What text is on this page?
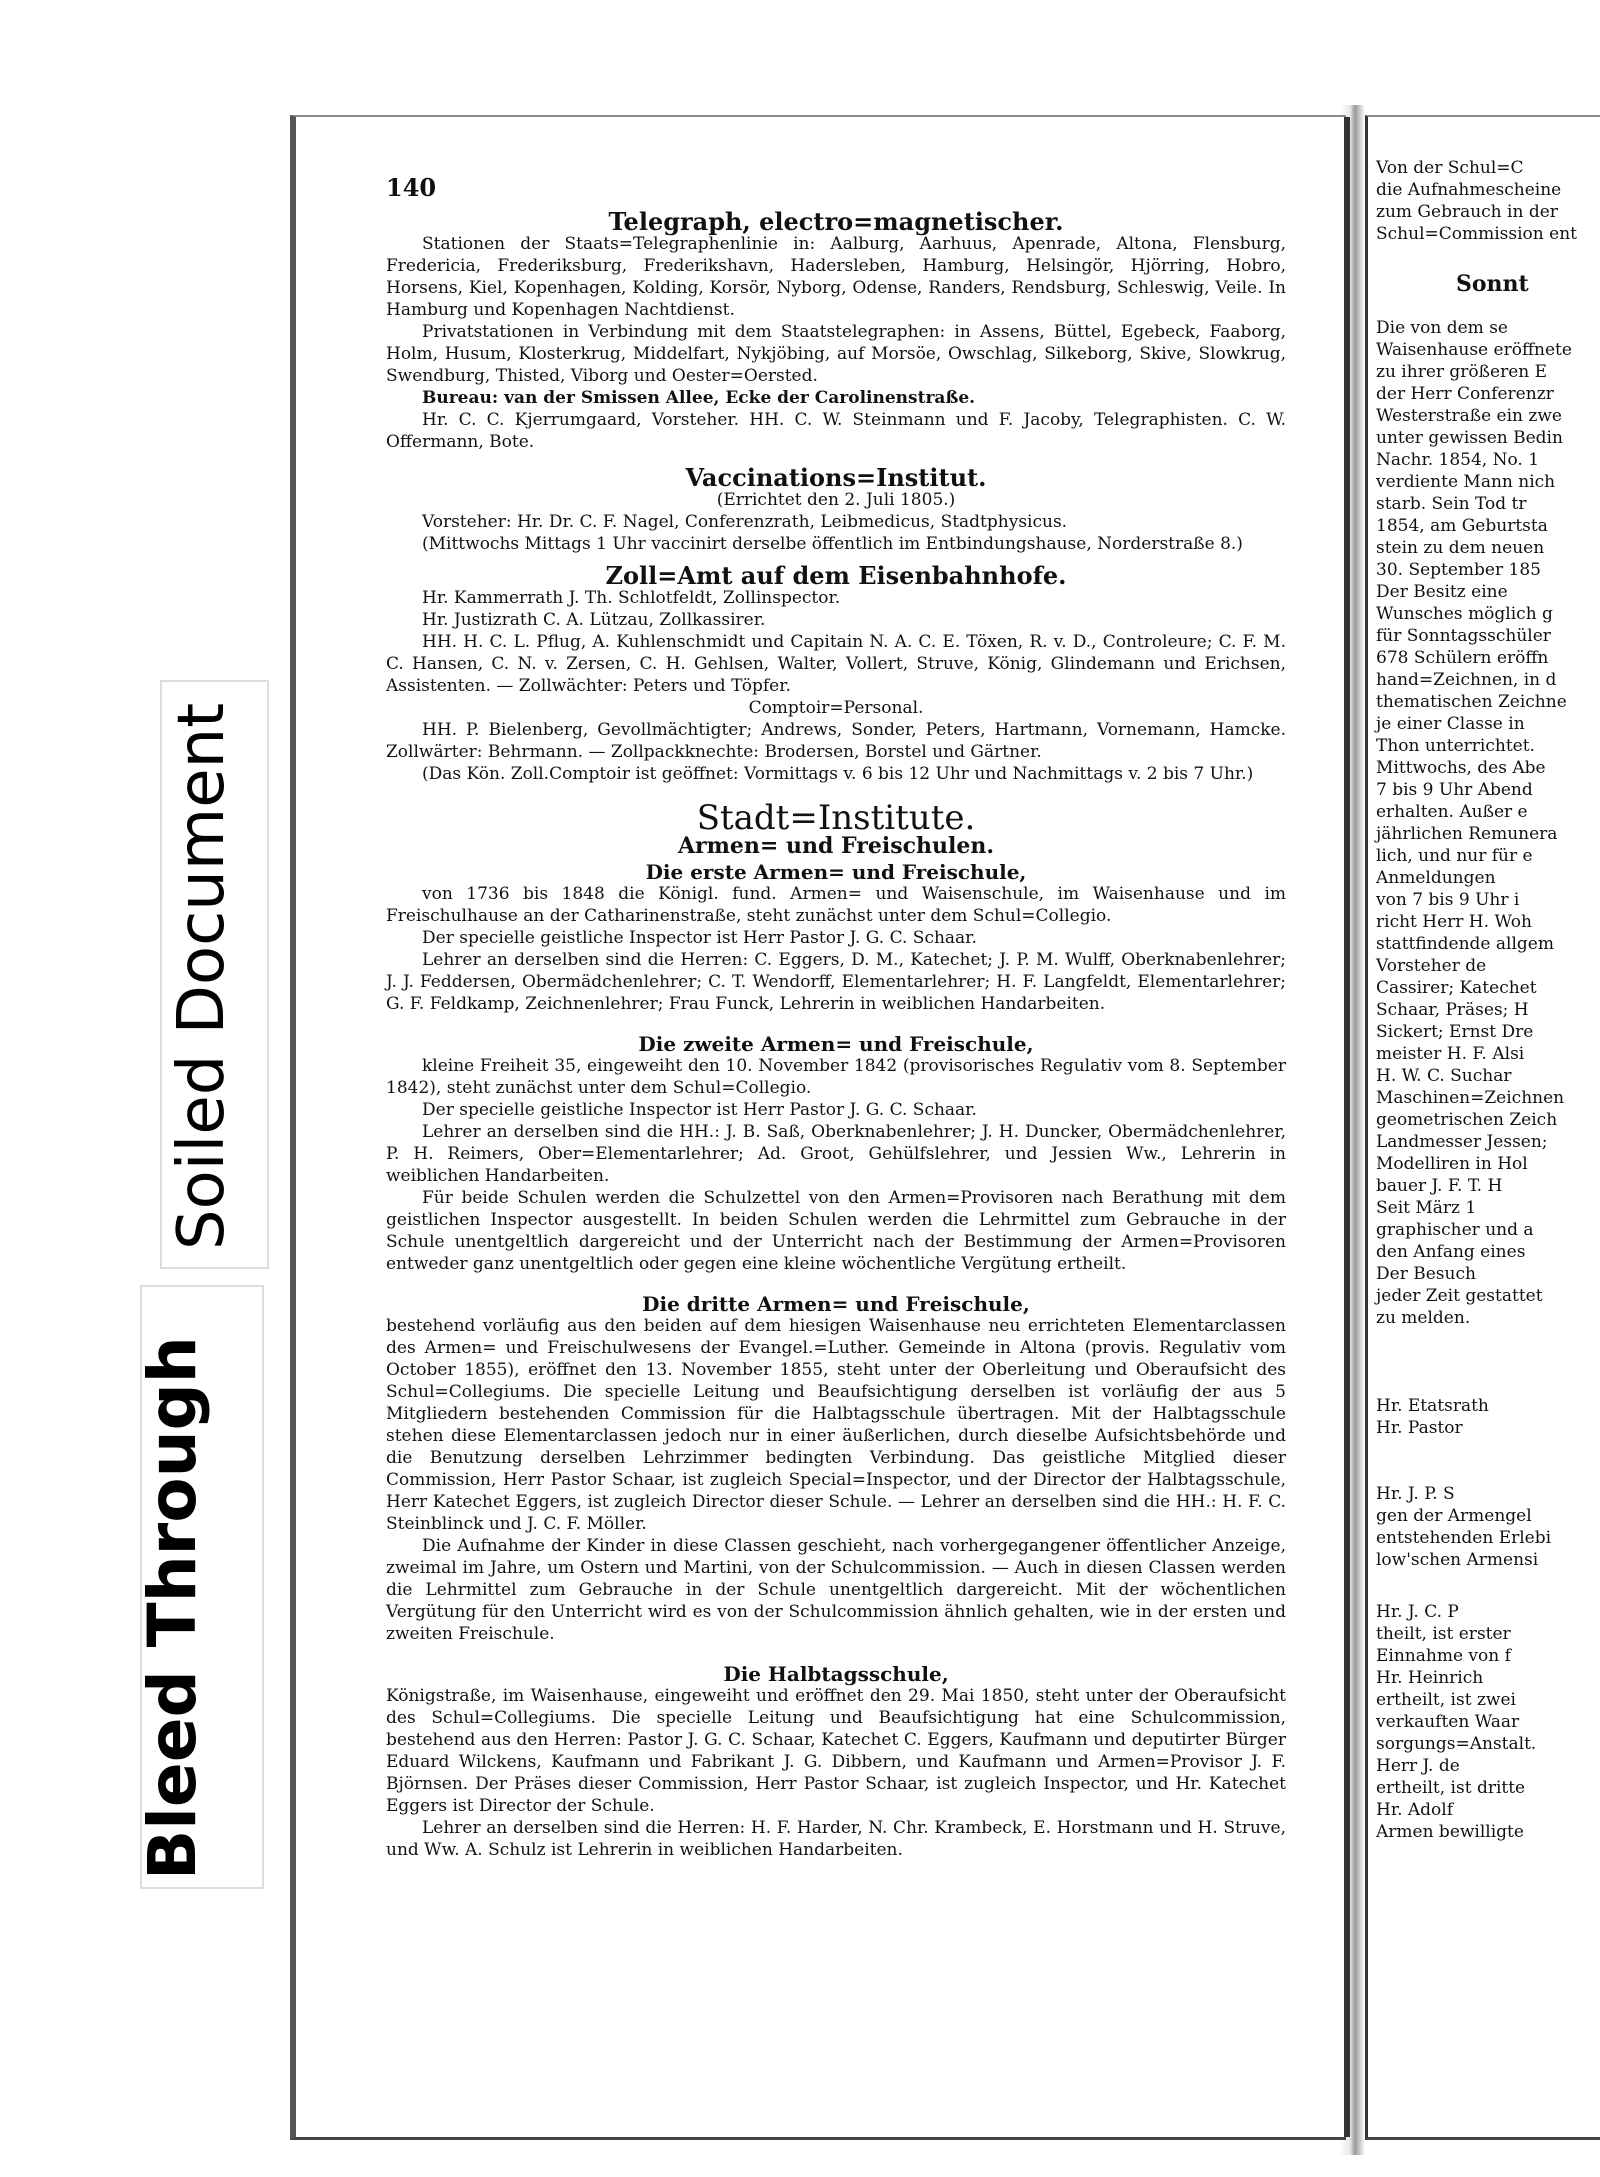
Soiled Document
Bleed Through
140
Telegraph, electro=magnetischer.

Stationen der Staats=Telegraphenlinie in: Aalburg, Aarhuus, Apenrade, Altona, Flensburg, Fredericia, Frederiksburg, Frederikshavn, Hadersleben, Hamburg, Helsingör, Hjörring, Hobro, Horsens, Kiel, Kopenhagen, Kolding, Korsör, Nyborg, Odense, Randers, Rendsburg, Schleswig, Veile. In Hamburg und Kopenhagen Nachtdienst.

Privatstationen in Verbindung mit dem Staatstelegraphen: in Assens, Büttel, Egebeck, Faaborg, Holm, Husum, Klosterkrug, Middelfart, Nykjöbing, auf Morsöe, Owschlag, Silkeborg, Skive, Slowkrug, Swendburg, Thisted, Viborg und Oester=Oersted.

Bureau: van der Smissen Allee, Ecke der Carolinenstraße.

Hr. C. C. Kjerrumgaard, Vorsteher. HH. C. W. Steinmann und F. Jacoby, Telegraphisten. C. W. Offermann, Bote.

Vaccinations=Institut.

(Errichtet den 2. Juli 1805.)

Vorsteher: Hr. Dr. C. F. Nagel, Conferenzrath, Leibmedicus, Stadtphysicus.

(Mittwochs Mittags 1 Uhr vaccinirt derselbe öffentlich im Entbindungshause, Norderstraße 8.)

Zoll=Amt auf dem Eisenbahnhofe.

Hr. Kammerrath J. Th. Schlotfeldt, Zollinspector.

Hr. Justizrath C. A. Lützau, Zollkassirer.

HH. H. C. L. Pflug, A. Kuhlenschmidt und Capitain N. A. C. E. Töxen, R. v. D., Controleure; C. F. M. C. Hansen, C. N. v. Zersen, C. H. Gehlsen, Walter, Vollert, Struve, König, Glindemann und Erichsen, Assistenten. — Zollwächter: Peters und Töpfer.

Comptoir=Personal.

HH. P. Bielenberg, Gevollmächtigter; Andrews, Sonder, Peters, Hartmann, Vornemann, Hamcke. Zollwärter: Behrmann. — Zollpackknechte: Brodersen, Borstel und Gärtner.

(Das Kön. Zoll.Comptoir ist geöffnet: Vormittags v. 6 bis 12 Uhr und Nachmittags v. 2 bis 7 Uhr.)

Stadt=Institute.
Armen= und Freischulen.
Die erste Armen= und Freischule,

von 1736 bis 1848 die Königl. fund. Armen= und Waisenschule, im Waisenhause und im Freischulhause an der Catharinenstraße, steht zunächst unter dem Schul=Collegio.

Der specielle geistliche Inspector ist Herr Pastor J. G. C. Schaar.

Lehrer an derselben sind die Herren: C. Eggers, D. M., Katechet; J. P. M. Wulff, Oberknabenlehrer; J. J. Feddersen, Obermädchenlehrer; C. T. Wendorff, Elementarlehrer; H. F. Langfeldt, Elementarlehrer; G. F. Feldkamp, Zeichnenlehrer; Frau Funck, Lehrerin in weiblichen Handarbeiten.

Die zweite Armen= und Freischule,

kleine Freiheit 35, eingeweiht den 10. November 1842 (provisorisches Regulativ vom 8. September 1842), steht zunächst unter dem Schul=Collegio.

Der specielle geistliche Inspector ist Herr Pastor J. G. C. Schaar.

Lehrer an derselben sind die HH.: J. B. Saß, Oberknabenlehrer; J. H. Duncker, Obermädchenlehrer, P. H. Reimers, Ober=Elementarlehrer; Ad. Groot, Gehülfslehrer, und Jessien Ww., Lehrerin in weiblichen Handarbeiten.

Für beide Schulen werden die Schulzettel von den Armen=Provisoren nach Berathung mit dem geistlichen Inspector ausgestellt. In beiden Schulen werden die Lehrmittel zum Gebrauche in der Schule unentgeltlich dargereicht und der Unterricht nach der Bestimmung der Armen=Provisoren entweder ganz unentgeltlich oder gegen eine kleine wöchentliche Vergütung ertheilt.

Die dritte Armen= und Freischule,

bestehend vorläufig aus den beiden auf dem hiesigen Waisenhause neu errichteten Elementarclassen des Armen= und Freischulwesens der Evangel.=Luther. Gemeinde in Altona (provis. Regulativ vom October 1855), eröffnet den 13. November 1855, steht unter der Oberleitung und Oberaufsicht des Schul=Collegiums. Die specielle Leitung und Beaufsichtigung derselben ist vorläufig der aus 5 Mitgliedern bestehenden Commission für die Halbtagsschule übertragen. Mit der Halbtagsschule stehen diese Elementarclassen jedoch nur in einer äußerlichen, durch dieselbe Aufsichtsbehörde und die Benutzung derselben Lehrzimmer bedingten Verbindung. Das geistliche Mitglied dieser Commission, Herr Pastor Schaar, ist zugleich Special=Inspector, und der Director der Halbtagsschule, Herr Katechet Eggers, ist zugleich Director dieser Schule. — Lehrer an derselben sind die HH.: H. F. C. Steinblinck und J. C. F. Möller.

Die Aufnahme der Kinder in diese Classen geschieht, nach vorhergegangener öffentlicher Anzeige, zweimal im Jahre, um Ostern und Martini, von der Schulcommission. — Auch in diesen Classen werden die Lehrmittel zum Gebrauche in der Schule unentgeltlich dargereicht. Mit der wöchentlichen Vergütung für den Unterricht wird es von der Schulcommission ähnlich gehalten, wie in der ersten und zweiten Freischule.

Die Halbtagsschule,

Königstraße, im Waisenhause, eingeweiht und eröffnet den 29. Mai 1850, steht unter der Oberaufsicht des Schul=Collegiums. Die specielle Leitung und Beaufsichtigung hat eine Schulcommission, bestehend aus den Herren: Pastor J. G. C. Schaar, Katechet C. Eggers, Kaufmann und deputirter Bürger Eduard Wilckens, Kaufmann und Fabrikant J. G. Dibbern, und Kaufmann und Armen=Provisor J. F. Björnsen. Der Präses dieser Commission, Herr Pastor Schaar, ist zugleich Inspector, und Hr. Katechet Eggers ist Director der Schule.

Lehrer an derselben sind die Herren: H. F. Harder, N. Chr. Krambeck, E. Horstmann und H. Struve, und Ww. A. Schulz ist Lehrerin in weiblichen Handarbeiten.

Von der Schul=C

die Aufnahmescheine

zum Gebrauch in der

Schul=Commission ent

Sonnt

Die von dem se

Waisenhause eröffnete

zu ihrer größeren E

der Herr Conferenzr

Westerstraße ein zwe

unter gewissen Bedin

Nachr. 1854, No. 1

verdiente Mann nich

starb. Sein Tod tr

1854, am Geburtsta

stein zu dem neuen

30. September 185

Der Besitz eine

Wunsches möglich g

für Sonntagsschüler

678 Schülern eröffn

hand=Zeichnen, in d

thematischen Zeichne

je einer Classe in

Thon unterrichtet.

Mittwochs, des Abe

7 bis 9 Uhr Abend

erhalten. Außer e

jährlichen Remunera

lich, und nur für e

Anmeldungen

von 7 bis 9 Uhr i

richt Herr H. Woh

stattfindende allgem

Vorsteher de

Cassirer; Katechet

Schaar, Präses; H

Sickert; Ernst Dre

meister H. F. Alsi

H. W. C. Suchar

Maschinen=Zeichnen

geometrischen Zeich

Landmesser Jessen;

Modelliren in Hol

bauer J. F. T. H

Seit März 1

graphischer und a

den Anfang eines

Der Besuch

jeder Zeit gestattet

zu melden.

Hr. Etatsrath

Hr. Pastor

Hr. J. P. S

gen der Armengel

entstehenden Erlebi

low'schen Armensi

Hr. J. C. P

theilt, ist erster

Einnahme von f

Hr. Heinrich

ertheilt, ist zwei

verkauften Waar

sorgungs=Anstalt.

Herr J. de

ertheilt, ist dritte

Hr. Adolf

Armen bewilligte
